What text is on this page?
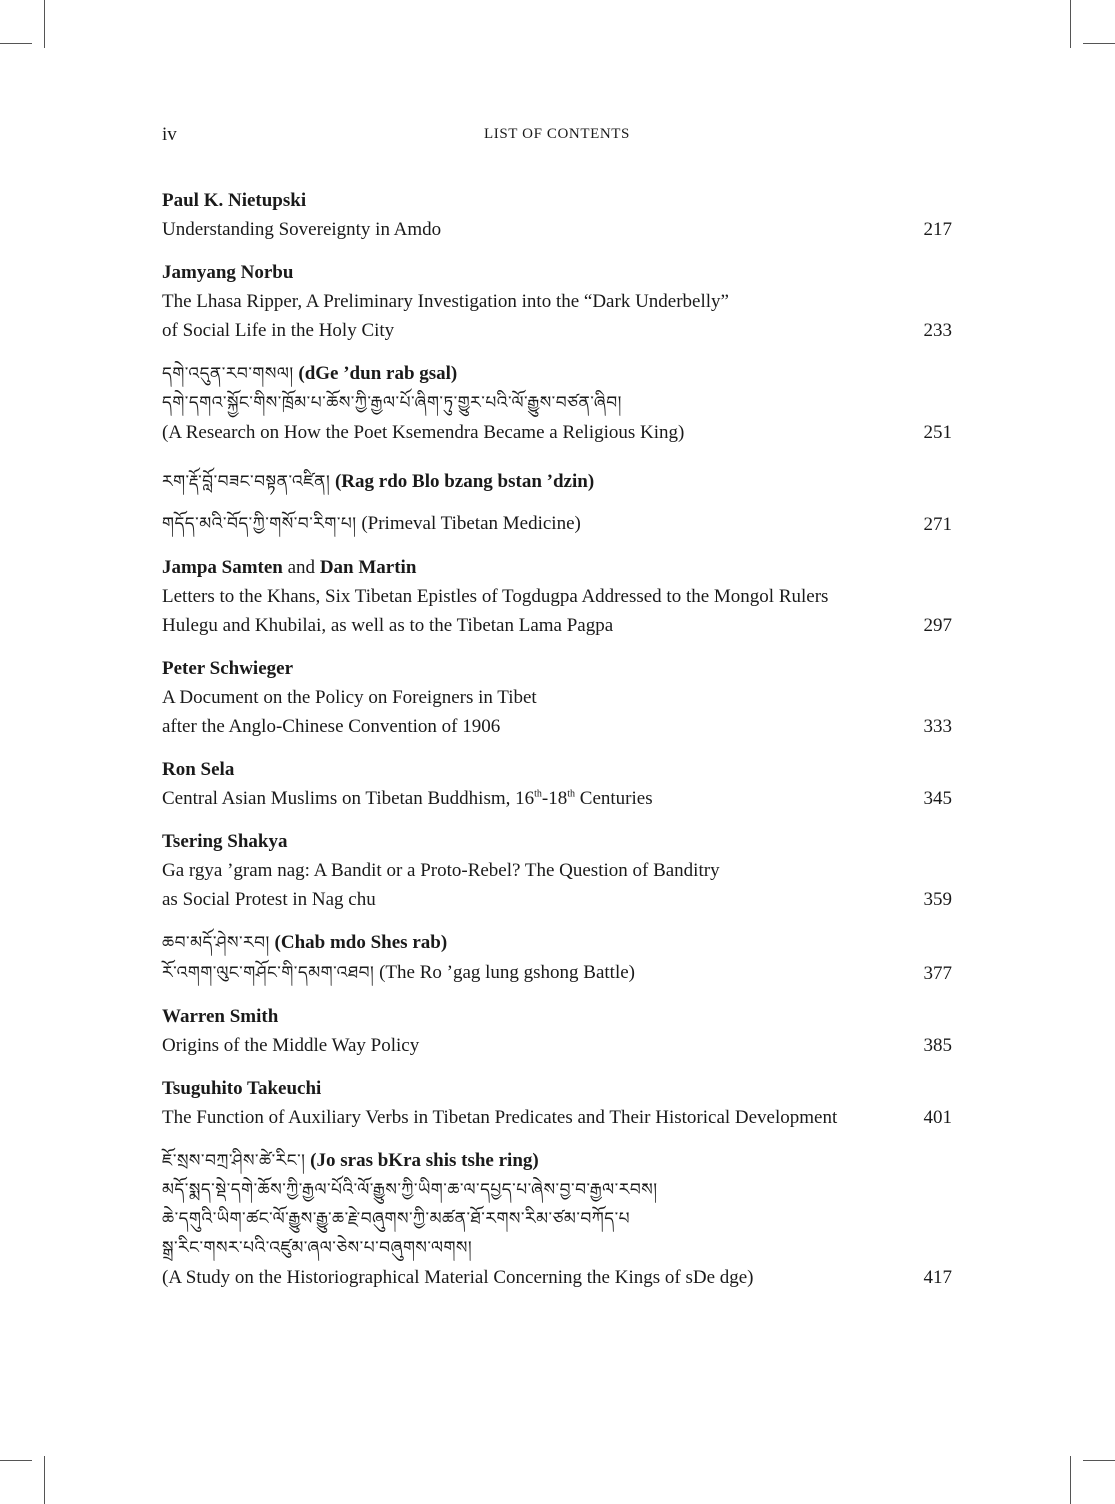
iv	LIST OF CONTENTS
Paul K. Nietupski
Understanding Sovereignty in Amdo	217
Jamyang Norbu
The Lhasa Ripper, A Preliminary Investigation into the “Dark Underbelly”
of Social Life in the Holy City	233
དགེ་འདུན་རབ་གསལ། (dGe ’dun rab gsal)
དགེ་དགའ་སྐྱོང་གིས་ཁྲོམ་པ་ཆོས་ཀྱི་རྒྱལ་པོ་ཞིག་ཏུ་གྱུར་པའི་ལོ་རྒྱུས་བཙན་ཞིབ།
(A Research on How the Poet Ksemendra Became a Religious King)	251
རག་རྡོ་བློ་བཟང་བསྟན་འཛིན། (Rag rdo Blo bzang bstan ’dzin)
གདོད་མའི་བོད་ཀྱི་གསོ་བ་རིག་པ། (Primeval Tibetan Medicine)	271
Jampa Samten and Dan Martin
Letters to the Khans, Six Tibetan Epistles of Togdugpa Addressed to the Mongol Rulers
Hulegu and Khubilai, as well as to the Tibetan Lama Pagpa	297
Peter Schwieger
A Document on the Policy on Foreigners in Tibet
after the Anglo-Chinese Convention of 1906	333
Ron Sela
Central Asian Muslims on Tibetan Buddhism, 16th-18th Centuries	345
Tsering Shakya
Ga rgya ’gram nag: A Bandit or a Proto-Rebel? The Question of Banditry
as Social Protest in Nag chu	359
ཆབ་མདོ་ཤེས་རབ། (Chab mdo Shes rab)
རོ་འགག་ལུང་གཤོང་གི་དམག་འཐབ། (The Ro ’gag lung gshong Battle)	377
Warren Smith
Origins of the Middle Way Policy	385
Tsuguhito Takeuchi
The Function of Auxiliary Verbs in Tibetan Predicates and Their Historical Development	401
ཇོ་སྲས་བཀྲ་ཤིས་ཚེ་རིང་། (Jo sras bKra shis tshe ring)
མདོ་སྨད་སྡེ་དགེ་ཆོས་ཀྱི་རྒྱལ་པོའི་ལོ་རྒྱུས་ཀྱི་ཡིག་ཆ་ལ་དཔྱད་པ་ཞེས་བྱ་བ་རྒྱལ་རབས།
ཆེ་དགུའི་ཡིག་ཚང་ལོ་རྒྱུས་རྒྱུ་ཆ་རྗེ་བཞུགས་ཀྱི་མཚན་ཐོ་རགས་རིམ་ཙམ་བཀོད་པ
སྒྲ་རིང་གསར་པའི་འཛུམ་ཞལ་ཅེས་པ་བཞུགས་ལགས།
(A Study on the Historiographical Material Concerning the Kings of sDe dge)	417
